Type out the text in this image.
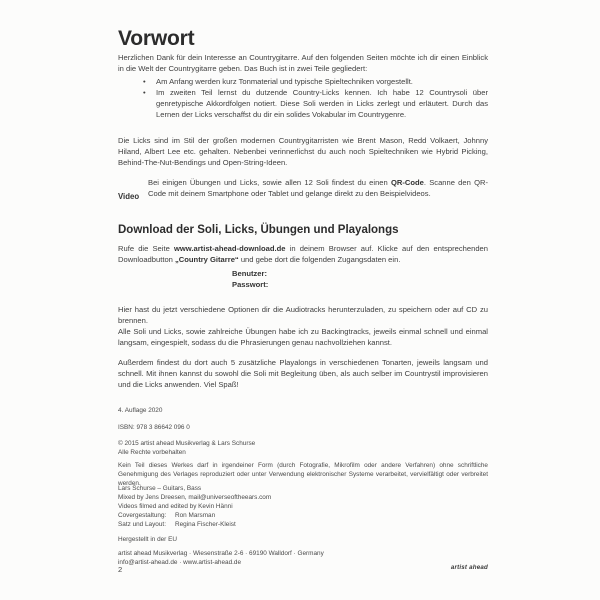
Vorwort

Herzlichen Dank für dein Interesse an Countrygitarre. Auf den folgenden Seiten möchte ich dir einen Einblick in die Welt der Countrygitarre geben. Das Buch ist in zwei Teile gegliedert:

• Am Anfang werden kurz Tonmaterial und typische Spieltechniken vorgestellt.
• Im zweiten Teil lernst du dutzende Country-Licks kennen. Ich habe 12 Countrysoli über genretypische Akkordfolgen notiert. Diese Soli werden in Licks zerlegt und erläutert. Durch das Lernen der Licks verschaffst du dir ein solides Vokabular im Countrygenre.

Die Licks sind im Stil der großen modernen Countrygitarristen wie Brent Mason, Redd Volkaert, Johnny Hiland, Albert Lee etc. gehalten. Nebenbei verinnerlichst du auch noch Spieltechniken wie Hybrid Picking, Behind-The-Nut-Bendings und Open-String-Ideen.

Bei einigen Übungen und Licks, sowie allen 12 Soli findest du einen QR-Code. Scanne den QR-Code mit deinem Smartphone oder Tablet und gelange direkt zu den Beispielvideos.

Video
Download der Soli, Licks, Übungen und Playalongs

Rufe die Seite www.artist-ahead-download.de in deinem Browser auf. Klicke auf den entsprechenden Downloadbutton „Country Gitarre“ und gebe dort die folgenden Zugangsdaten ein.

Benutzer:
Passwort:

Hier hast du jetzt verschiedene Optionen dir die Audiotracks herunterzuladen, zu speichern oder auf CD zu brennen.

Alle Soli und Licks, sowie zahlreiche Übungen habe ich zu Backingtracks, jeweils einmal schnell und einmal langsam, eingespielt, sodass du die Phrasierungen genau nachvollziehen kannst.

Außerdem findest du dort auch 5 zusätzliche Playalongs in verschiedenen Tonarten, jeweils langsam und schnell. Mit ihnen kannst du sowohl die Soli mit Begleitung üben, als auch selber im Countrystil improvisieren und die Licks anwenden. Viel Spaß!

4. Auflage 2020
ISBN: 978 3 86642 096 0
© 2015 artist ahead Musikverlag & Lars Schurse
Alle Rechte vorbehalten

Kein Teil dieses Werkes darf in irgendeiner Form (durch Fotografie, Mikrofilm oder andere Verfahren) ohne schriftliche Genehmigung des Verlages reproduziert oder unter Verwendung elektronischer Systeme verarbeitet, vervielfältigt oder verbreitet werden.

Lars Schurse – Guitars, Bass
Mixed by Jens Dreesen, mail@universeoftheears.com
Videos filmed and edited by Kevin Hänni
Covergestaltung: Ron Marsman
Satz und Layout: Regina Fischer-Kleist
Hergestellt in der EU
artist ahead Musikverlag · Wiesenstraße 2-6 · 69190 Walldorf · Germany
info@artist-ahead.de · www.artist-ahead.de
2	artist ahead
